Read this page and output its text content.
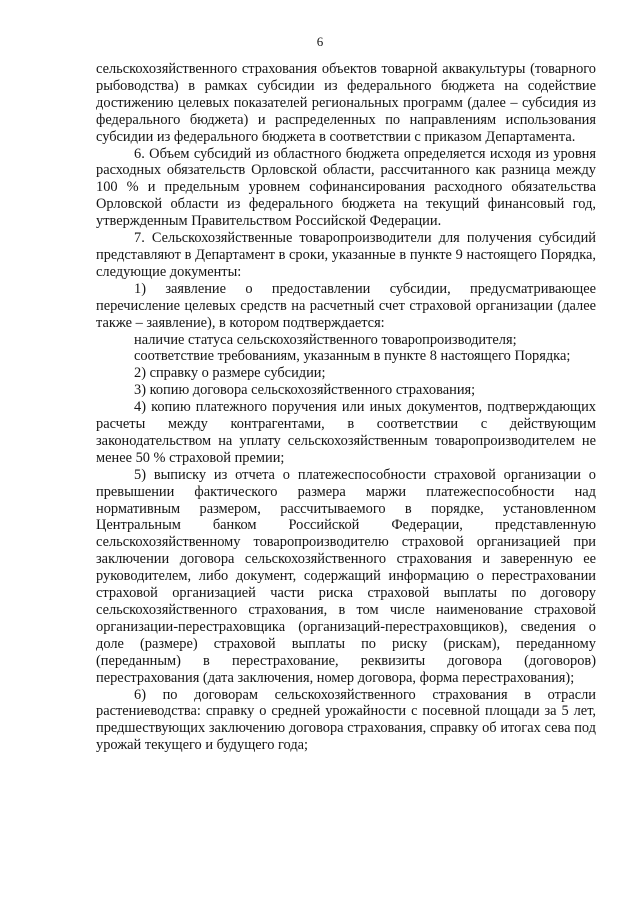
6

сельскохозяйственного страхования объектов товарной аквакультуры (товарного рыбоводства) в рамках субсидии из федерального бюджета на содействие достижению целевых показателей региональных программ (далее – субсидия из федерального бюджета) и распределенных по направлениям использования субсидии из федерального бюджета в соответствии с приказом Департамента.

6. Объем субсидий из областного бюджета определяется исходя из уровня расходных обязательств Орловской области, рассчитанного как разница между 100 % и предельным уровнем софинансирования расходного обязательства Орловской области из федерального бюджета на текущий финансовый год, утвержденным Правительством Российской Федерации.

7. Сельскохозяйственные товаропроизводители для получения субсидий представляют в Департамент в сроки, указанные в пункте 9 настоящего Порядка, следующие документы:

1) заявление о предоставлении субсидии, предусматривающее перечисление целевых средств на расчетный счет страховой организации (далее также – заявление), в котором подтверждается:

наличие статуса сельскохозяйственного товаропроизводителя;

соответствие требованиям, указанным в пункте 8 настоящего Порядка;

2) справку о размере субсидии;

3) копию договора сельскохозяйственного страхования;

4) копию платежного поручения или иных документов, подтверждающих расчеты между контрагентами, в соответствии с действующим законодательством на уплату сельскохозяйственным товаропроизводителем не менее 50 % страховой премии;

5) выписку из отчета о платежеспособности страховой организации о превышении фактического размера маржи платежеспособности над нормативным размером, рассчитываемого в порядке, установленном Центральным банком Российской Федерации, представленную сельскохозяйственному товаропроизводителю страховой организацией при заключении договора сельскохозяйственного страхования и заверенную ее руководителем, либо документ, содержащий информацию о перестраховании страховой организацией части риска страховой выплаты по договору сельскохозяйственного страхования, в том числе наименование страховой организации-перестраховщика (организаций-перестраховщиков), сведения о доле (размере) страховой выплаты по риску (рискам), переданному (переданным) в перестрахование, реквизиты договора (договоров) перестрахования (дата заключения, номер договора, форма перестрахования);

6) по договорам сельскохозяйственного страхования в отрасли растениеводства: справку о средней урожайности с посевной площади за 5 лет, предшествующих заключению договора страхования, справку об итогах сева под урожай текущего и будущего года;
